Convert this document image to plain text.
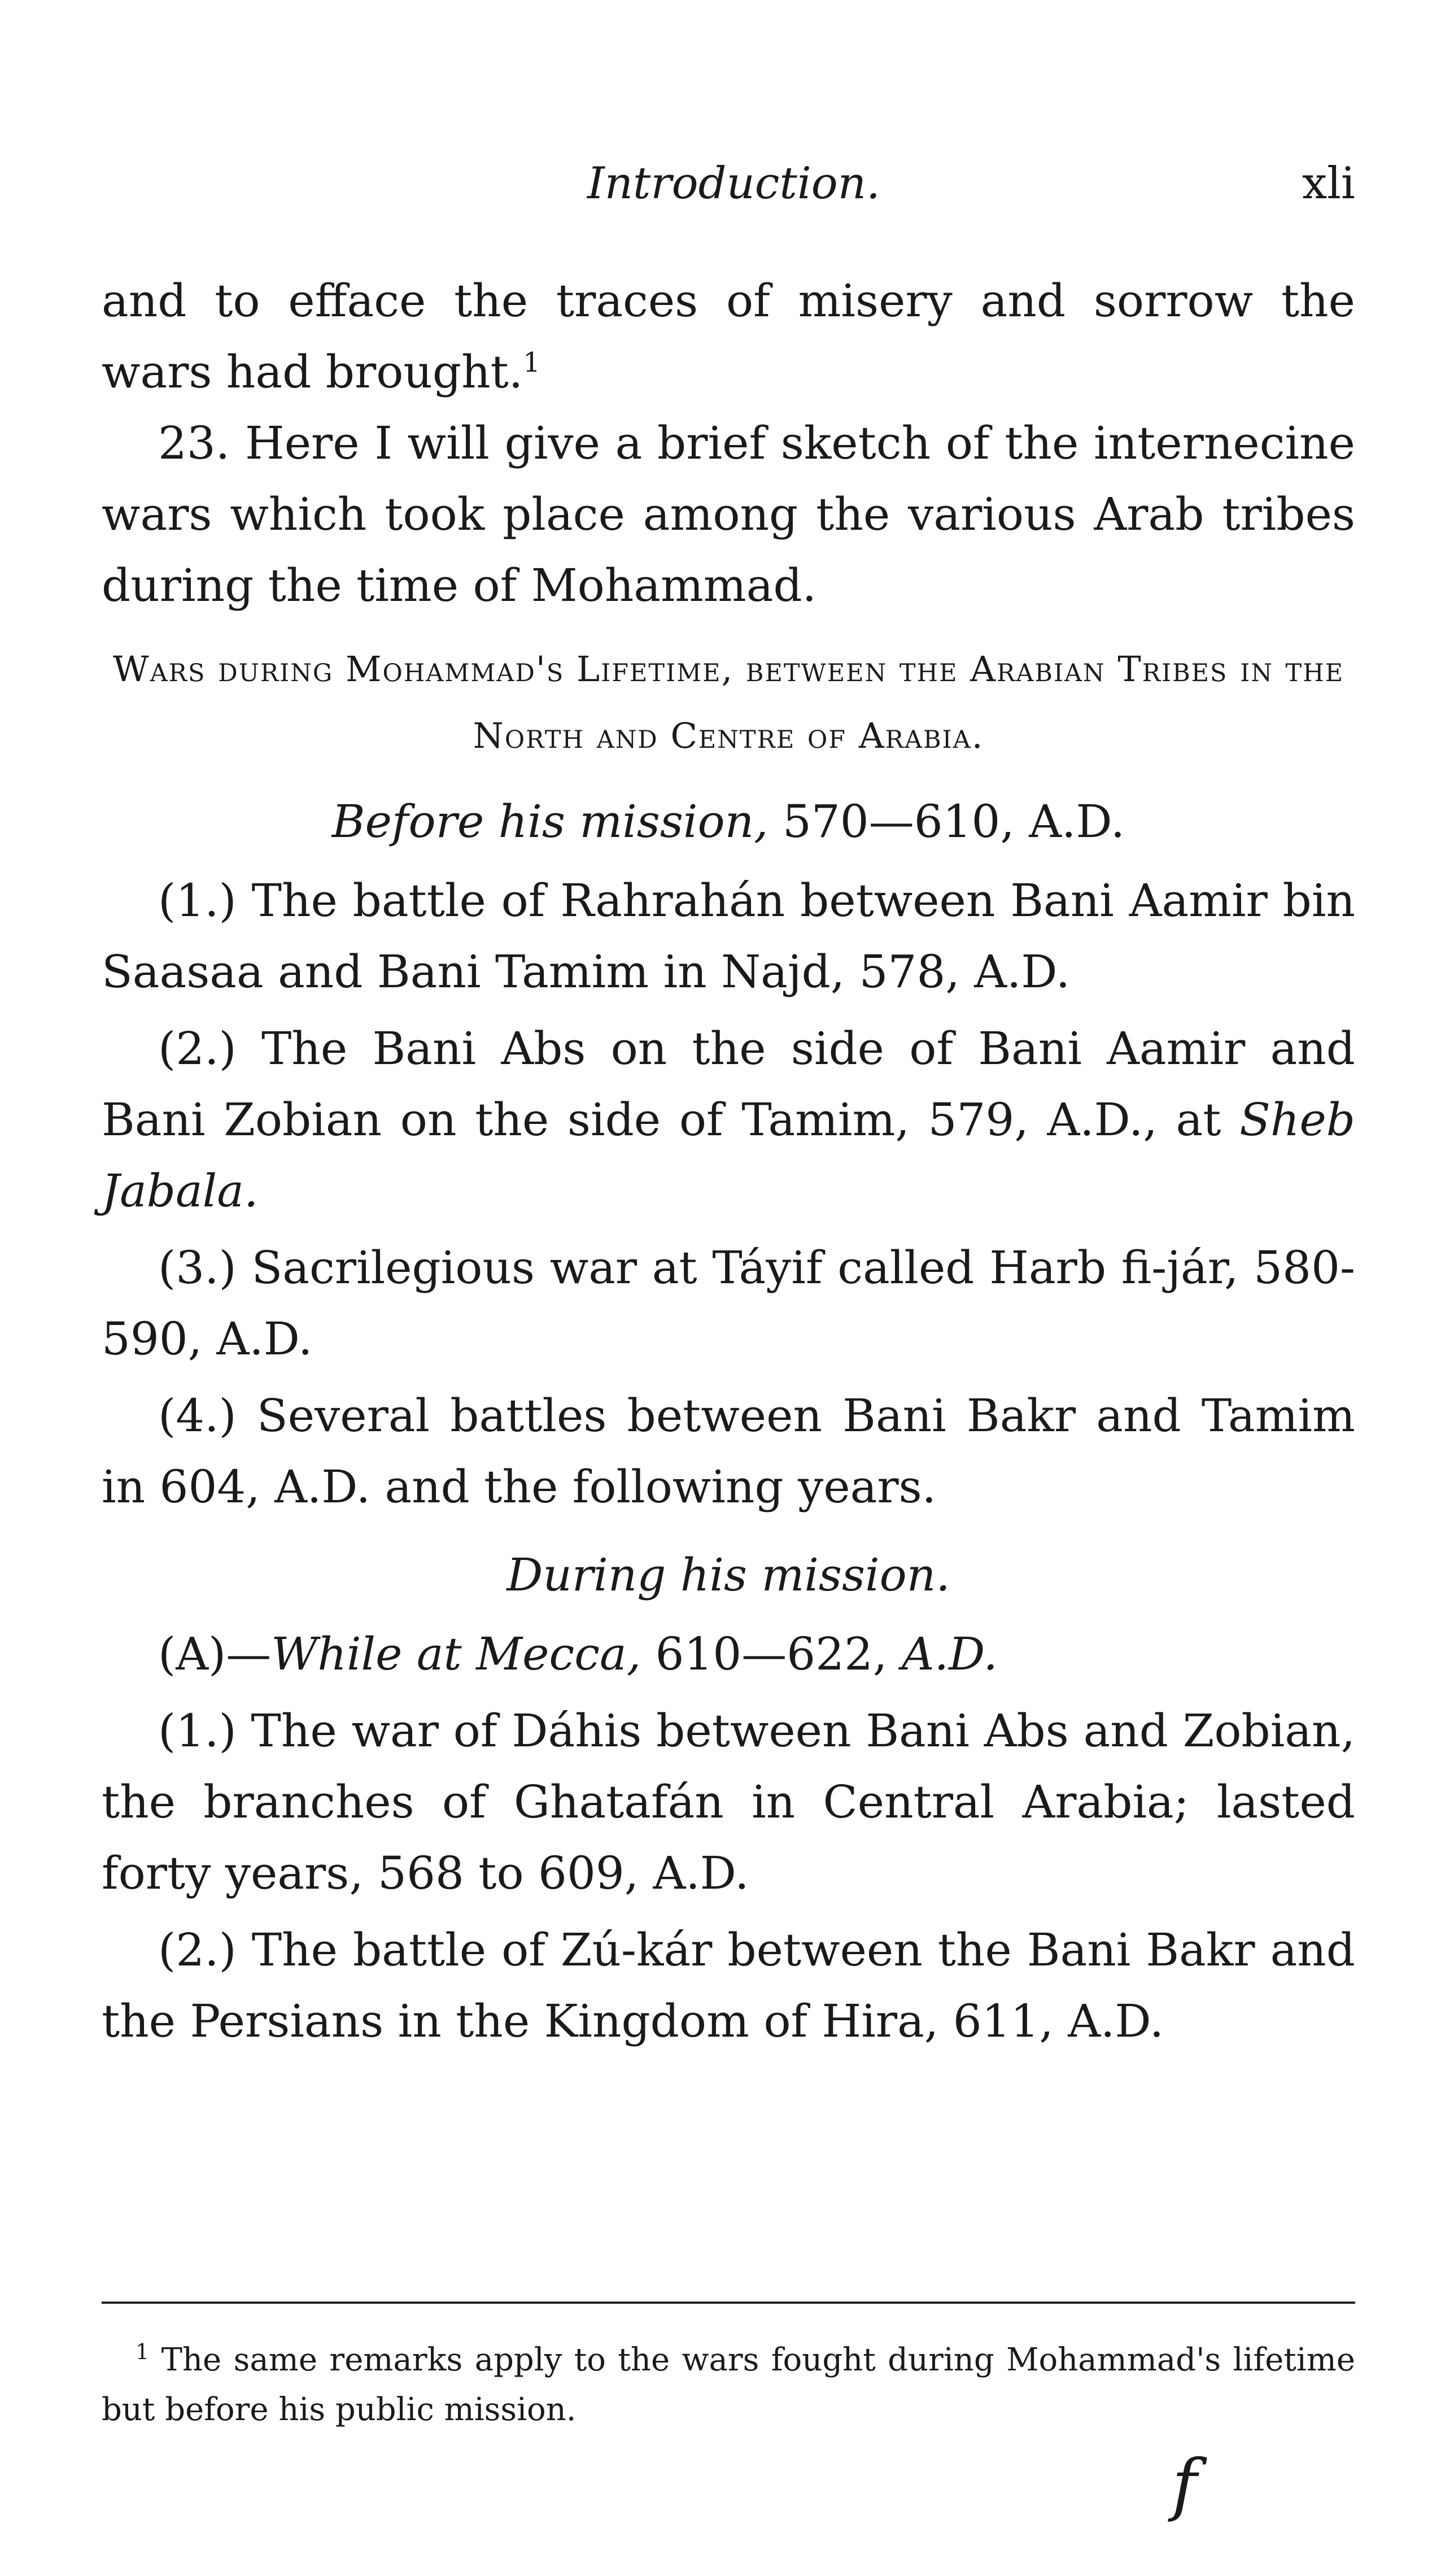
Introduction.	xli

and to efface the traces of misery and sorrow the wars had brought.$^1$

23. Here I will give a brief sketch of the internecine wars which took place among the various Arab tribes during the time of Mohammad.

Wars during Mohammad's Lifetime, between the Arabian Tribes in the North and Centre of Arabia.

Before his mission, 570—610, A.D.

(1.) The battle of Rahrahán between Bani Aamir bin Saasaa and Bani Tamim in Najd, 578, A.D.

(2.) The Bani Abs on the side of Bani Aamir and Bani Zobian on the side of Tamim, 579, A.D., at Sheb Jabala.

(3.) Sacrilegious war at Táyif called Harb fi-jár, 580-590, A.D.

(4.) Several battles between Bani Bakr and Tamim in 604, A.D. and the following years.

During his mission.

(A)—While at Mecca, 610—622, A.D.

(1.) The war of Dáhis between Bani Abs and Zobian, the branches of Ghatafán in Central Arabia; lasted forty years, 568 to 609, A.D.

(2.) The battle of Zú-kár between the Bani Bakr and the Persians in the Kingdom of Hira, 611, A.D.

$^1$ The same remarks apply to the wars fought during Mohammad's lifetime but before his public mission.

f
